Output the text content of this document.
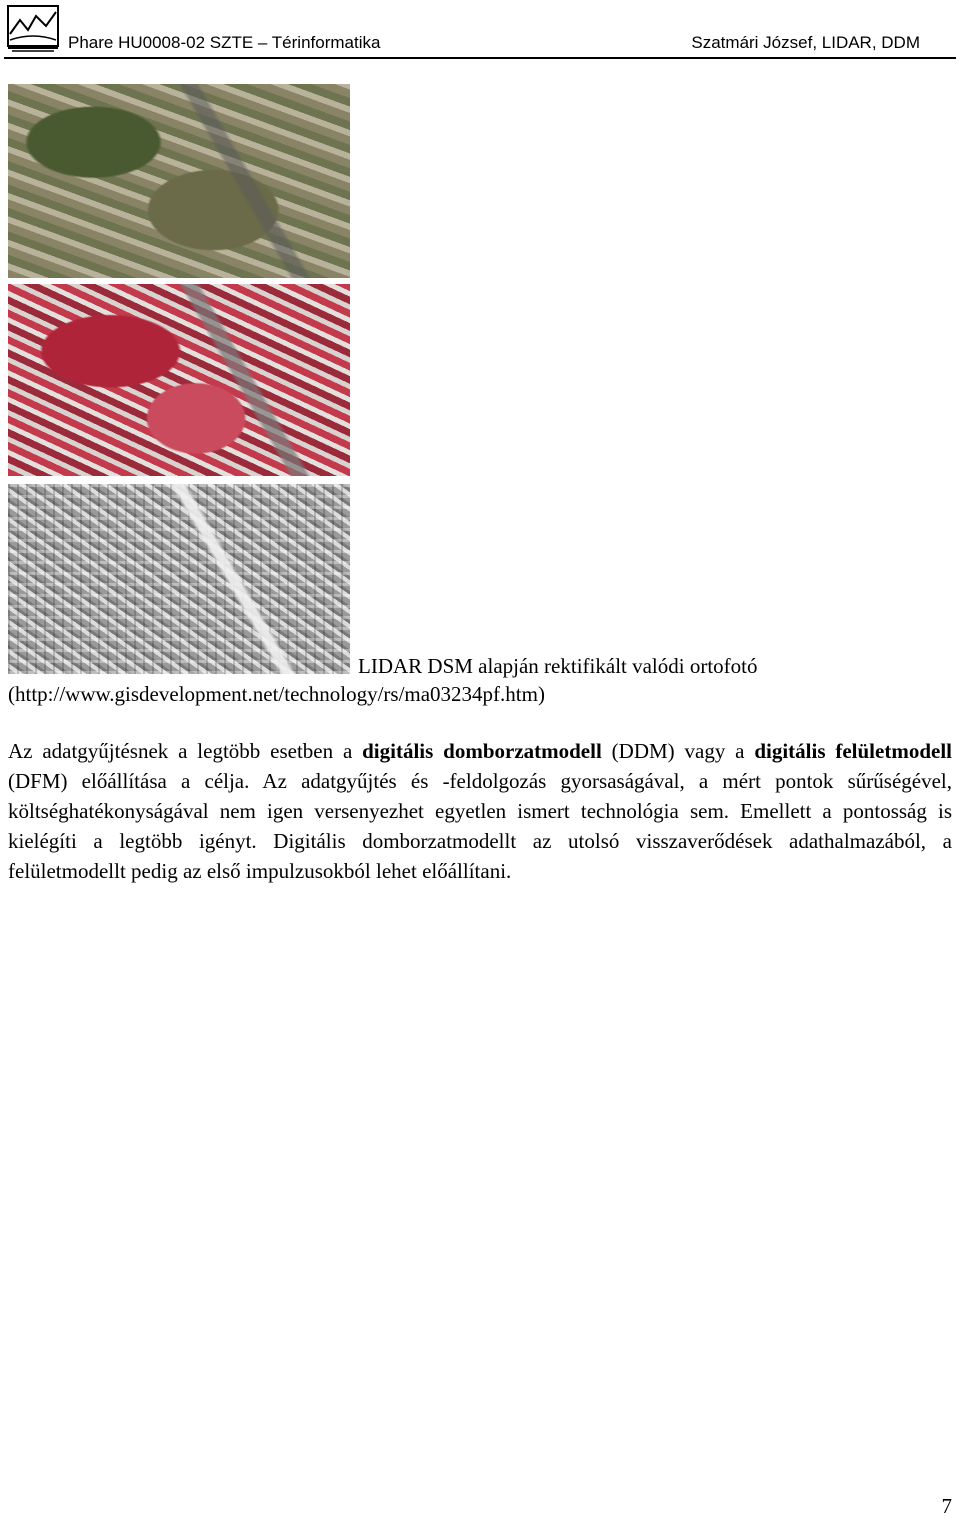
Phare HU0008-02 SZTE – Térinformatika	Szatmári József, LIDAR, DDM
LIDAR DSM alapján rektifikált valódi ortofotó
(http://www.gisdevelopment.net/technology/rs/ma03234pf.htm)

Az adatgyűjtésnek a legtöbb esetben a digitális domborzatmodell (DDM) vagy a digitális felületmodell (DFM) előállítása a célja. Az adatgyűjtés és -feldolgozás gyorsaságával, a mért pontok sűrűségével, költséghatékonyságával nem igen versenyezhet egyetlen ismert technológia sem. Emellett a pontosság is kielégíti a legtöbb igényt. Digitális domborzatmodellt az utolsó visszaverődések adathalmazából, a felületmodellt pedig az első impulzusokból lehet előállítani.

7
